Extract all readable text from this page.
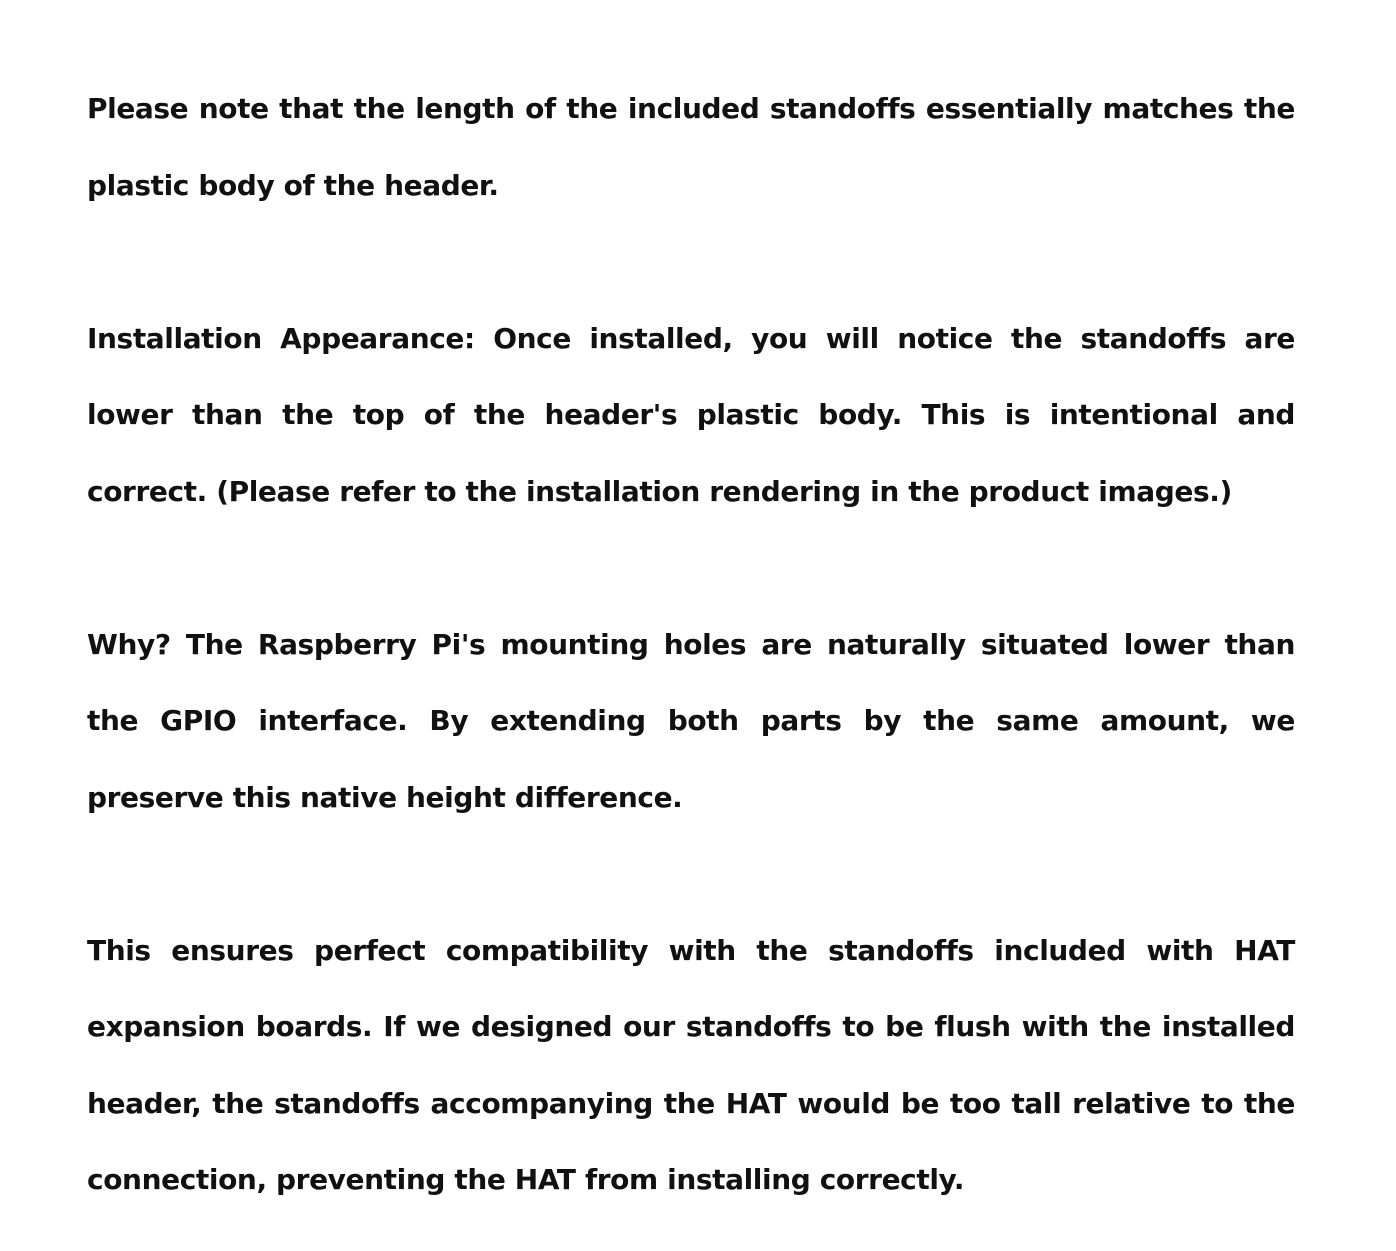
Please note that the length of the included standoffs essentially matches the plastic body of the header.

Installation Appearance: Once installed, you will notice the standoffs are lower than the top of the header's plastic body. This is intentional and correct. (Please refer to the installation rendering in the product images.)

Why? The Raspberry Pi's mounting holes are naturally situated lower than the GPIO interface. By extending both parts by the same amount, we preserve this native height difference.

This ensures perfect compatibility with the standoffs included with HAT expansion boards. If we designed our standoffs to be flush with the installed header, the standoffs accompanying the HAT would be too tall relative to the connection, preventing the HAT from installing correctly.
